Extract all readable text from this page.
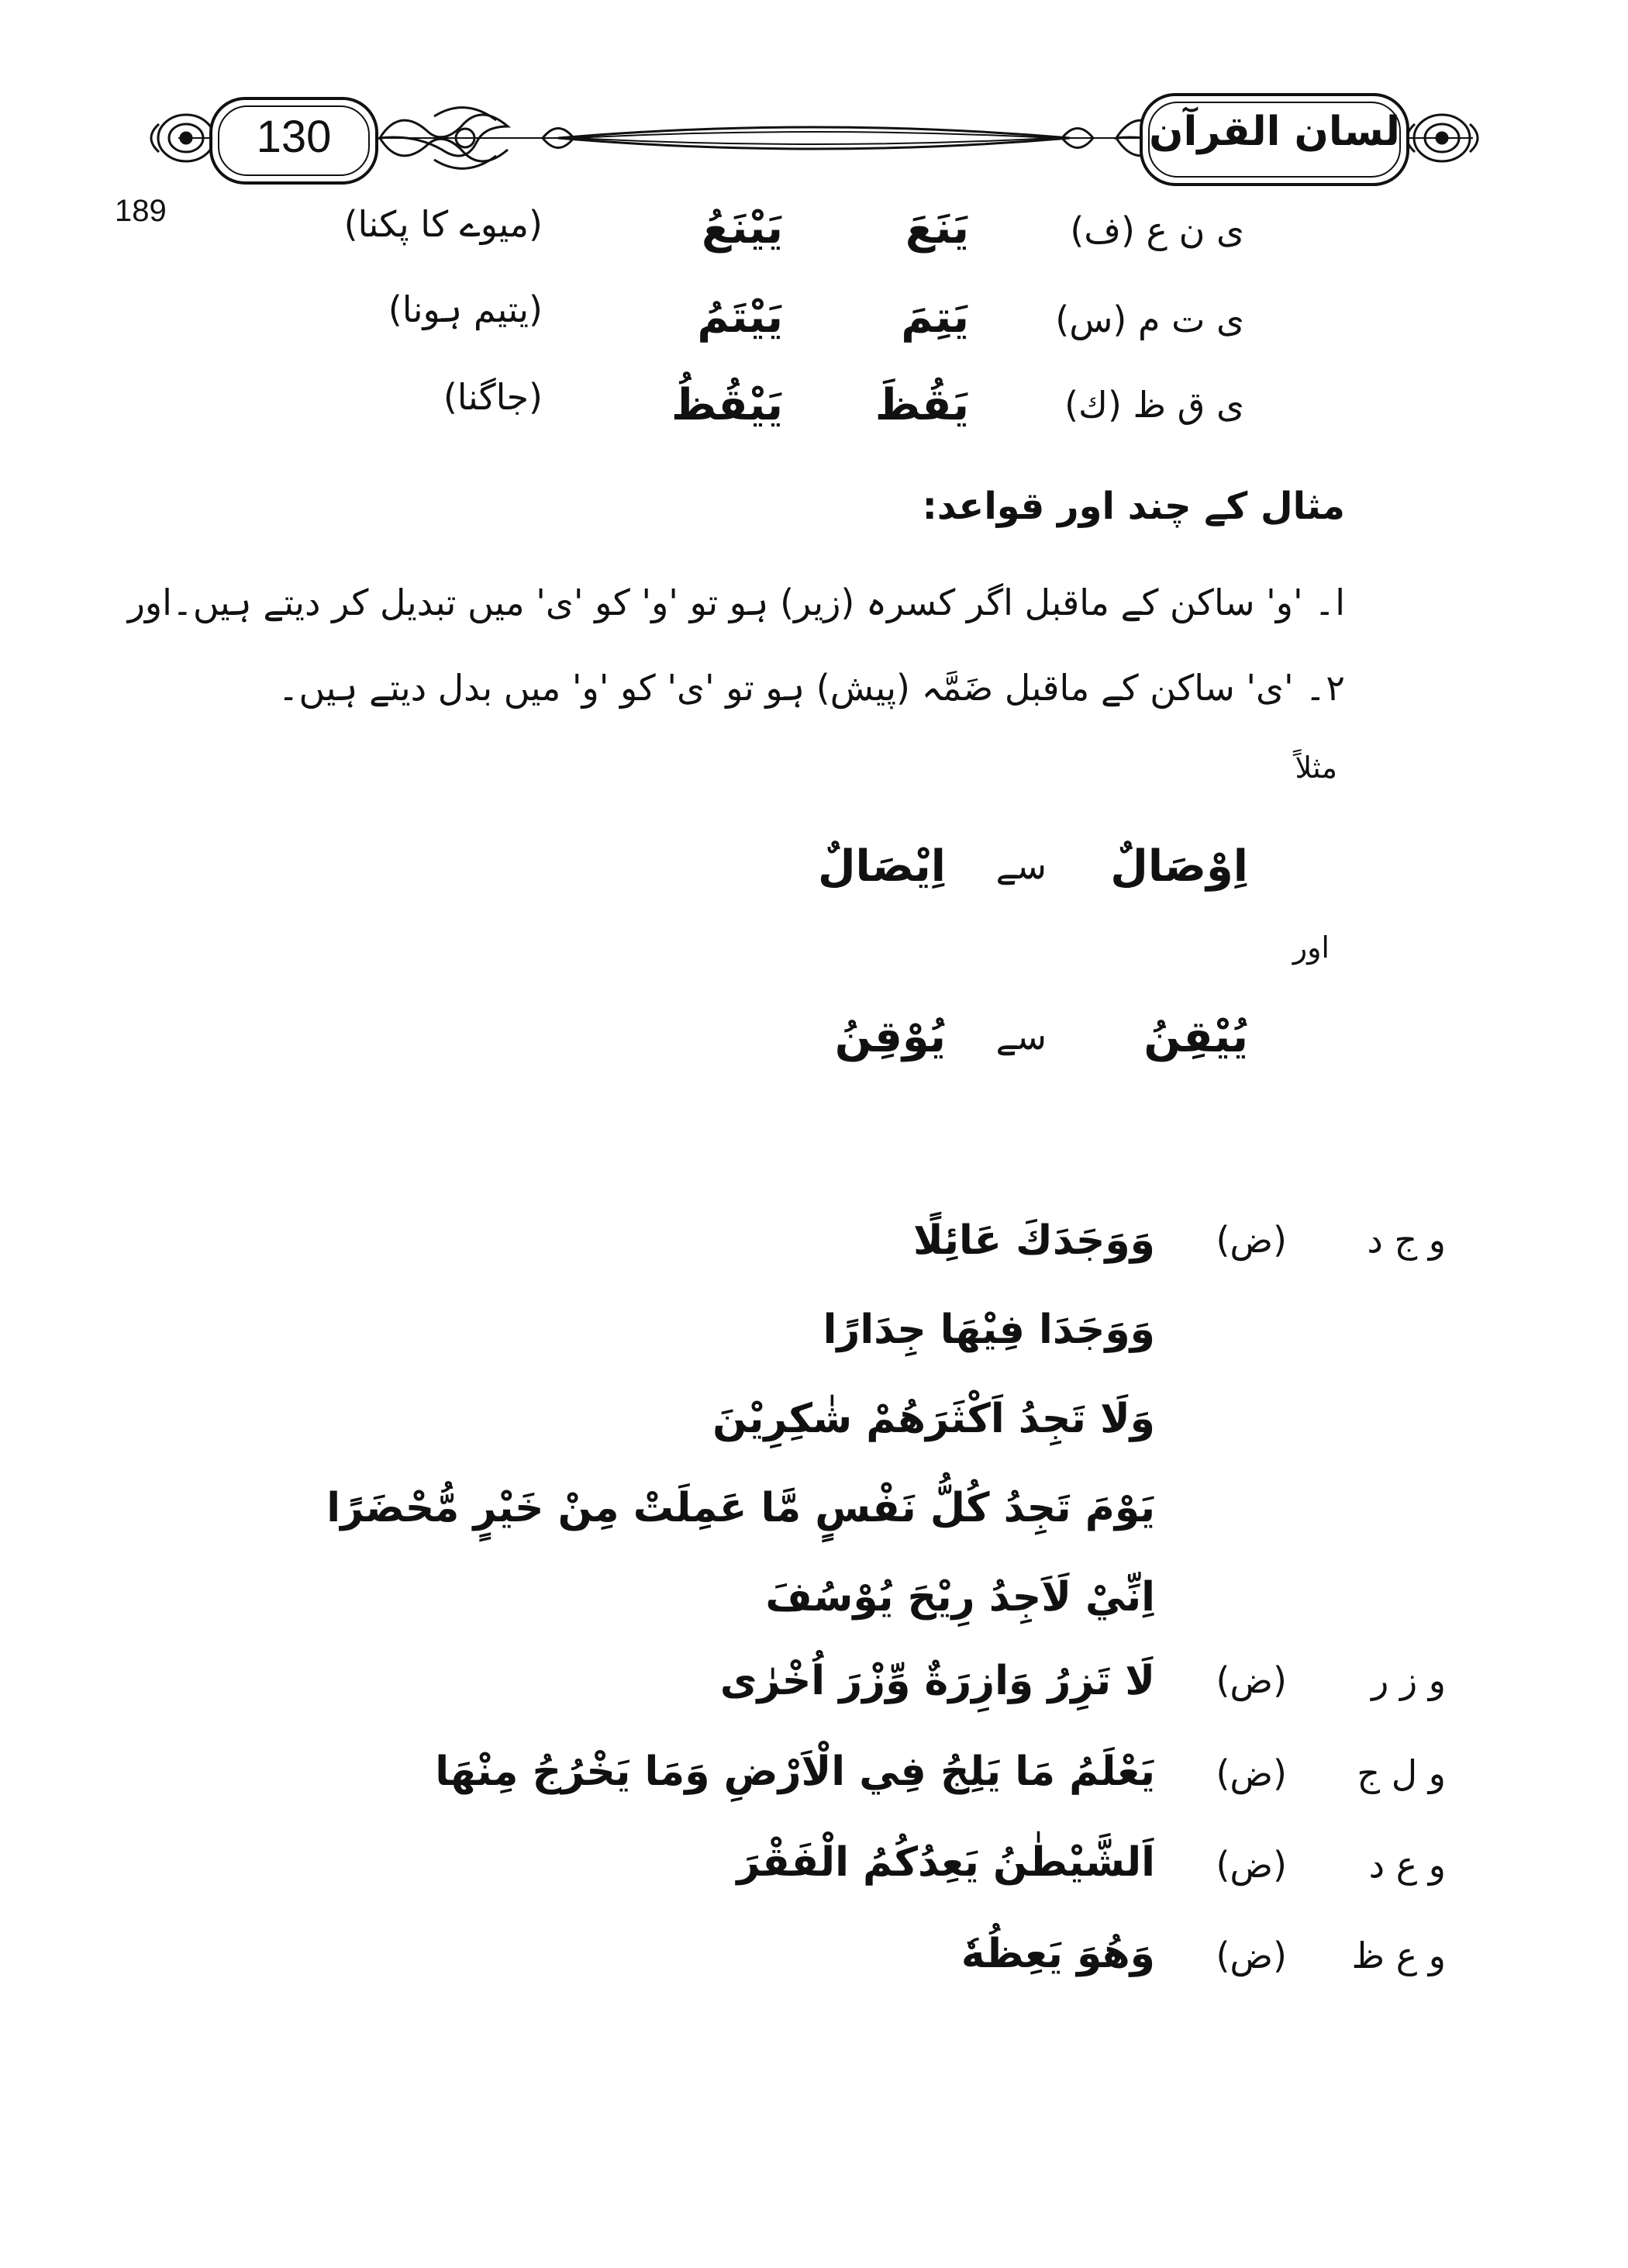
130	لسان القرآن
189	ی ن ع (ف)
يَنَعَ
يَيْنَعُ
(میوے کا پکنا)
ی ت م (س)
يَتِمَ
يَيْتَمُ
(یتیم ہونا)
ی ق ظ (ك)
يَقُظَ
يَيْقُظُ
(جاگنا)
مثال کے چند اور قواعد:
ا۔ 'و' ساکن کے ماقبل اگر کسرہ (زیر) ہو تو 'و' کو 'ی' میں تبدیل کر دیتے ہیں۔اور
۲۔ 'ی' ساکن کے ماقبل ضَمَّہ (پیش) ہو تو 'ی' کو 'و' میں بدل دیتے ہیں۔
مثلاً
اِوْصَالٌ
سے
اِيْصَالٌ
اور
يُيْقِنُ
سے
يُوْقِنُ
و ج د
(ض)
وَوَجَدَكَ عَائِلًا
وَوَجَدَا فِيْهَا جِدَارًا
وَلَا تَجِدُ اَكْثَرَهُمْ شٰكِرِيْنَ
يَوْمَ تَجِدُ كُلُّ نَفْسٍ مَّا عَمِلَتْ مِنْ خَيْرٍ مُّحْضَرًا
اِنِّيْ لَاَجِدُ رِيْحَ يُوْسُفَ
و ز ر
(ض)
لَا تَزِرُ وَازِرَةٌ وِّزْرَ اُخْرٰى
و ل ج
(ض)
يَعْلَمُ مَا يَلِجُ فِي الْاَرْضِ وَمَا يَخْرُجُ مِنْهَا
و ع د
(ض)
اَلشَّيْطٰنُ يَعِدُكُمُ الْفَقْرَ
و ع ظ
(ض)
وَهُوَ يَعِظُهٗ
